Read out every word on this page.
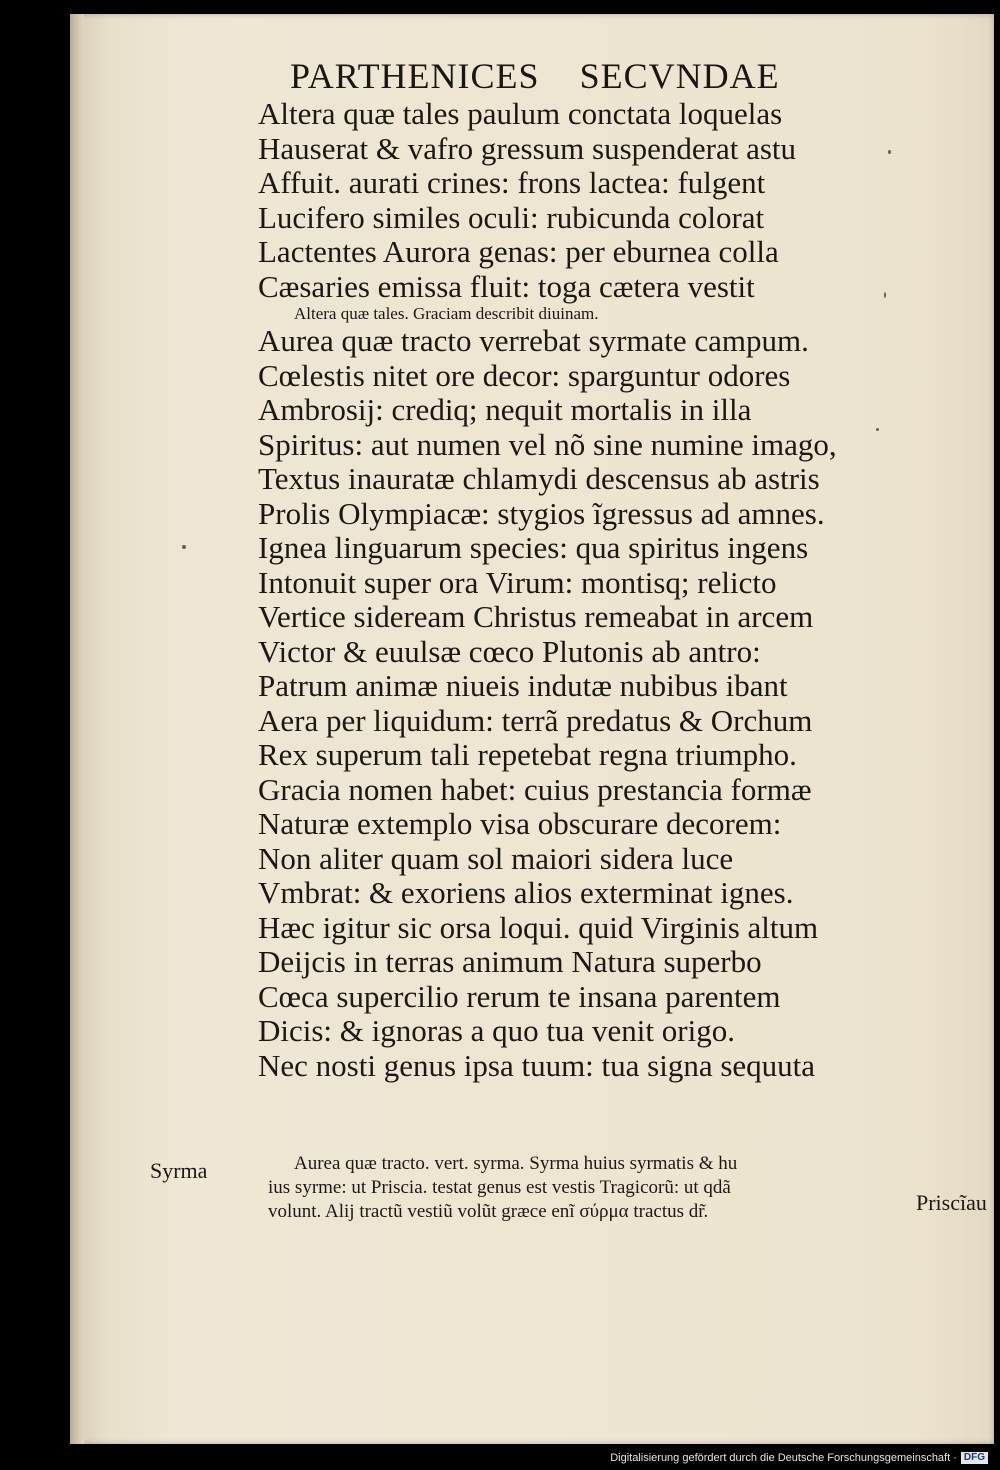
PARTHENICES SECVNDAE
Altera quæ tales paulum conctata loquelas
Hauserat & vafro gressum suspenderat astu
Affuit. aurati crines: frons lactea: fulgent
Lucifero similes oculi: rubicunda colorat
Lactentes Aurora genas: per eburnea colla
Cæsaries emissa fluit: toga cætera vestit
Altera quæ tales. Graciam describit diuinam.
Aurea quæ tracto verrebat syrmate campum.
Cœlestis nitet ore decor: sparguntur odores
Ambrosij: crediq; nequit mortalis in illa
Spiritus: aut numen vel nõ sine numine imago,
Textus inauratæ chlamydi descensus ab astris
Prolis Olympiacæ: stygios ĩgressus ad amnes.
Ignea linguarum species: qua spiritus ingens
Intonuit super ora Virum: montisq; relicto
Vertice sideream Christus remeabat in arcem
Victor & euulsæ cœco Plutonis ab antro:
Patrum animæ niueis indutæ nubibus ibant
Aera per liquidum: terrã predatus & Orchum
Rex superum tali repetebat regna triumpho.
Gracia nomen habet: cuius prestancia formæ
Naturæ extemplo visa obscurare decorem:
Non aliter quam sol maiori sidera luce
Vmbrat: & exoriens alios exterminat ignes.
Hæc igitur sic orsa loqui. quid Virginis altum
Deijcis in terras animum Natura superbo
Cœca supercilio rerum te insana parentem
Dicis: & ignoras a quo tua venit origo.
Nec nosti genus ipsa tuum: tua signa sequuta
Aurea quæ tracto. vert. syrma. Syrma huius syrmatis & hu
ius syrme: ut Priscia. testat genus est vestis Tragicorũ: ut qdã
volunt. Alij tractũ vestiũ volũt græce enĩ σύρμα tractus dr̃.
Syrma
Priscĩau
Digitalisierung gefördert durch die Deutsche Forschungsgemeinschaft · DFG
